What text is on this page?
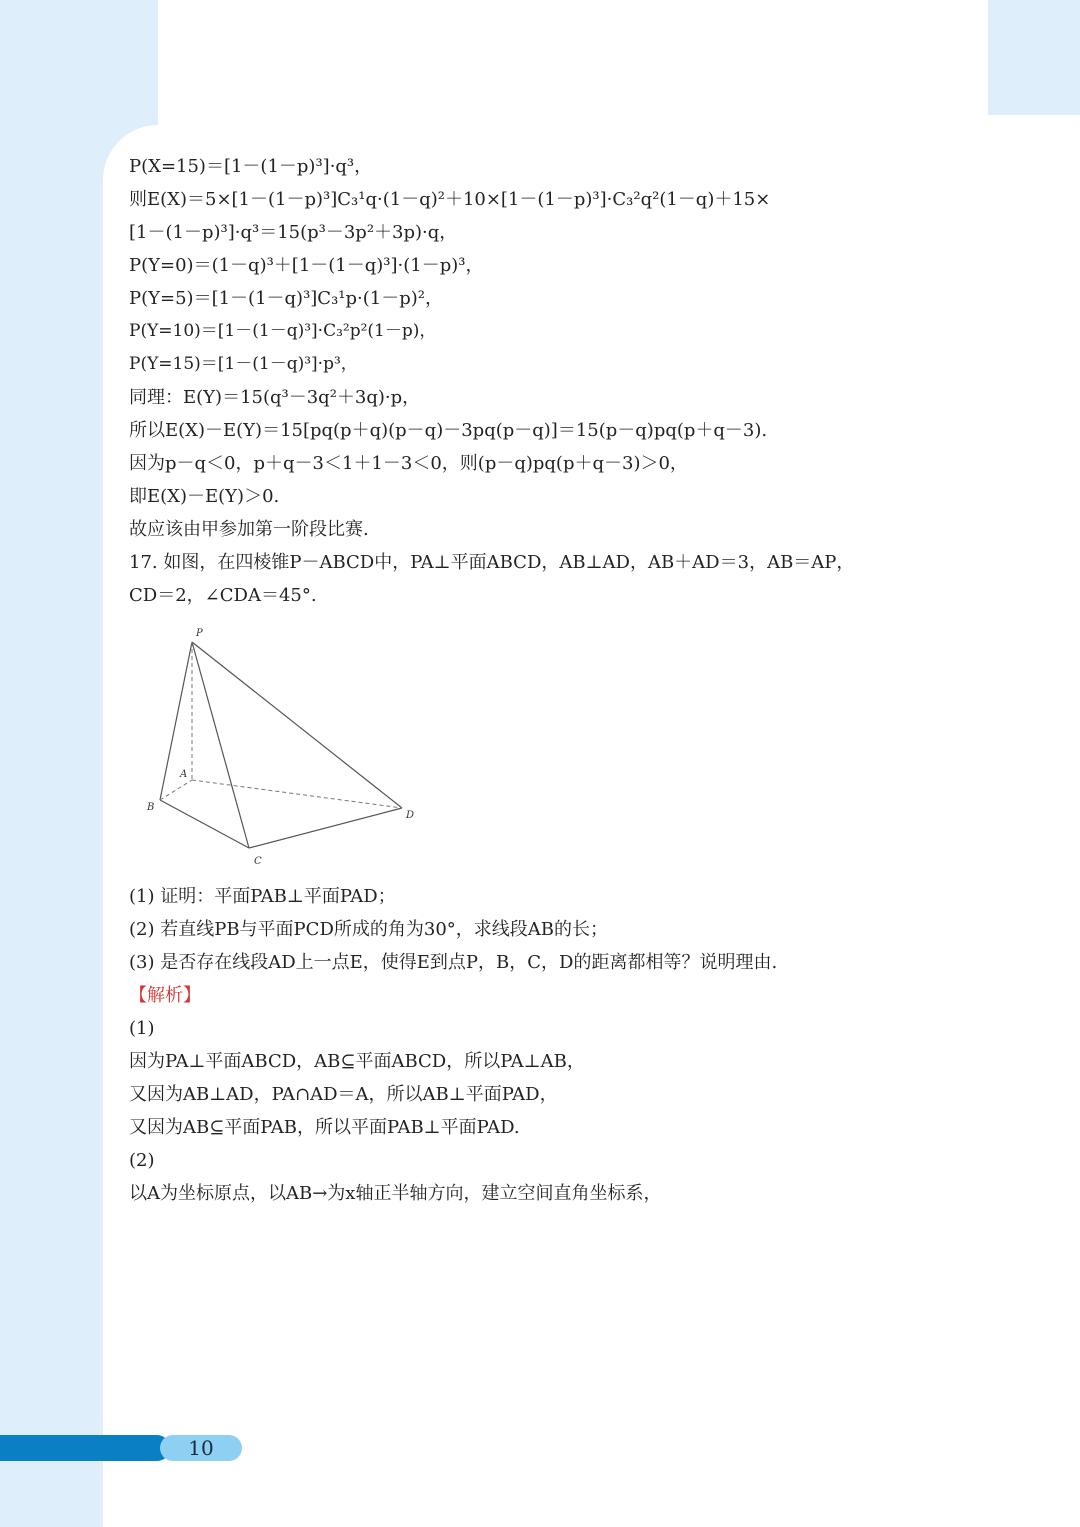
P(X=15)＝[1－(1－p)³]·q³，
则E(X)＝5×[1－(1－p)³]C₃¹q·(1－q)²＋10×[1－(1－p)³]·C₃²q²(1－q)＋15×
[1－(1－p)³]·q³＝15(p³－3p²＋3p)·q，
P(Y=0)＝(1－q)³＋[1－(1－q)³]·(1－p)³，
P(Y=5)＝[1－(1－q)³]C₃¹p·(1－p)²，
P(Y=10)＝[1－(1－q)³]·C₃²p²(1－p)，
P(Y=15)＝[1－(1－q)³]·p³，
同理：E(Y)＝15(q³－3q²＋3q)·p，
所以E(X)－E(Y)＝15[pq(p＋q)(p－q)－3pq(p－q)]＝15(p－q)pq(p＋q－3).
因为p－q＜0，p＋q－3＜1＋1－3＜0，则(p－q)pq(p＋q－3)＞0，
即E(X)－E(Y)＞0.
故应该由甲参加第一阶段比赛.
17. 如图，在四棱锥P－ABCD中，PA⊥平面ABCD，AB⊥AD，AB＋AD＝3，AB＝AP，
CD＝2，∠CDA＝45°.
P
A
B
C
D
(1) 证明：平面PAB⊥平面PAD；
(2) 若直线PB与平面PCD所成的角为30°，求线段AB的长；
(3) 是否存在线段AD上一点E，使得E到点P，B，C，D的距离都相等？说明理由.
【解析】
(1)
因为PA⊥平面ABCD，AB⊆平面ABCD，所以PA⊥AB，
又因为AB⊥AD，PA∩AD＝A，所以AB⊥平面PAD，
又因为AB⊆平面PAB，所以平面PAB⊥平面PAD.
(2)
以A为坐标原点，以AB→为x轴正半轴方向，建立空间直角坐标系，
10
